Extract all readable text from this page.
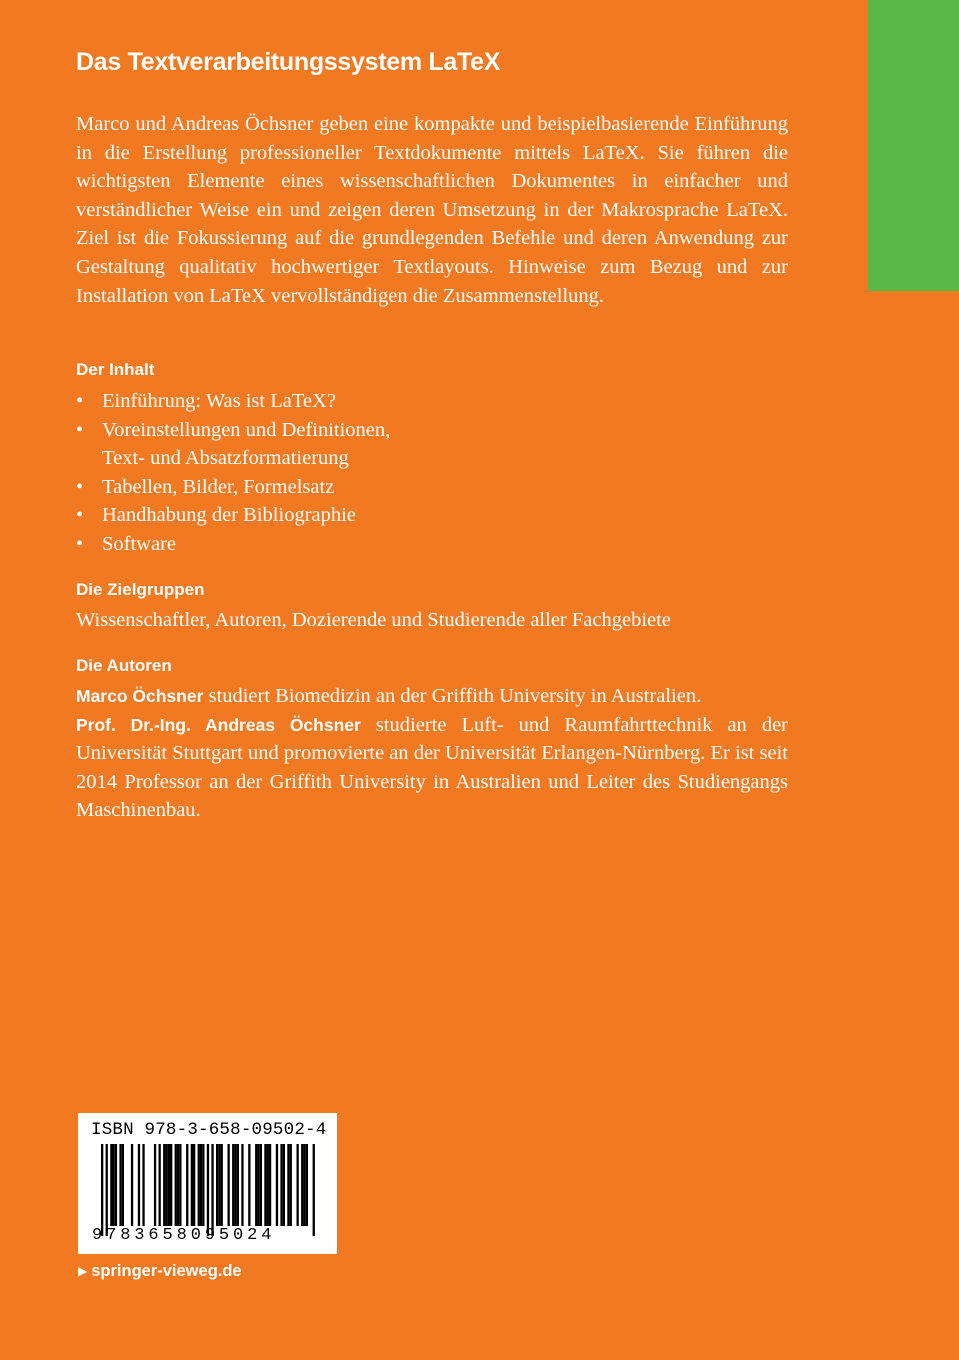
Das Textverarbeitungssystem LaTeX
Marco und Andreas Öchsner geben eine kompakte und beispielbasierende Einführung in die Erstellung professioneller Textdokumente mittels LaTeX. Sie führen die wichtigsten Elemente eines wissenschaftlichen Dokumentes in einfacher und verständlicher Weise ein und zeigen deren Umsetzung in der Makrosprache LaTeX. Ziel ist die Fokussierung auf die grundlegenden Befehle und deren Anwendung zur Gestaltung qualitativ hochwertiger Textlayouts. Hinweise zum Bezug und zur Installation von LaTeX vervollständigen die Zusammenstellung.
Der Inhalt
• Einführung: Was ist LaTeX?
• Voreinstellungen und Definitionen,
Text- und Absatzformatierung
• Tabellen, Bilder, Formelsatz
• Handhabung der Bibliographie
• Software
Die Zielgruppen
Wissenschaftler, Autoren, Dozierende und Studierende aller Fachgebiete
Die Autoren
Marco Öchsner studiert Biomedizin an der Griffith University in Australien.
Prof. Dr.-Ing. Andreas Öchsner studierte Luft- und Raumfahrttechnik an der Universität Stuttgart und promovierte an der Universität Erlangen-Nürnberg. Er ist seit 2014 Professor an der Griffith University in Australien und Leiter des Studiengangs Maschinenbau.
ISBN 978-3-658-09502-4
9783658095024
▶ springer-vieweg.de
